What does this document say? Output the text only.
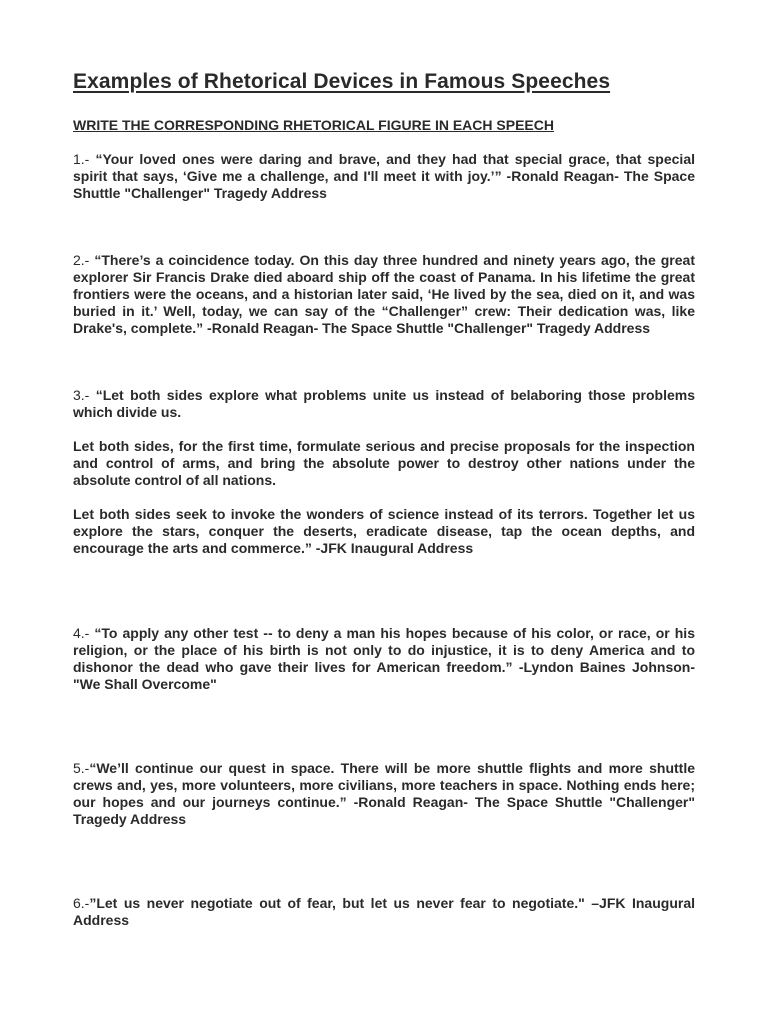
Examples of Rhetorical Devices in Famous Speeches
WRITE THE CORRESPONDING RHETORICAL FIGURE IN EACH SPEECH

1.- “Your loved ones were daring and brave, and they had that special grace, that special spirit that says, ‘Give me a challenge, and I'll meet it with joy.’” -Ronald Reagan- The Space Shuttle "Challenger" Tragedy Address

2.- “There’s a coincidence today. On this day three hundred and ninety years ago, the great explorer Sir Francis Drake died aboard ship off the coast of Panama. In his lifetime the great frontiers were the oceans, and a historian later said, ‘He lived by the sea, died on it, and was buried in it.’ Well, today, we can say of the “Challenger” crew: Their dedication was, like Drake's, complete.” -Ronald Reagan- The Space Shuttle "Challenger" Tragedy Address

3.- “Let both sides explore what problems unite us instead of belaboring those problems which divide us.

Let both sides, for the first time, formulate serious and precise proposals for the inspection and control of arms, and bring the absolute power to destroy other nations under the absolute control of all nations.

Let both sides seek to invoke the wonders of science instead of its terrors. Together let us explore the stars, conquer the deserts, eradicate disease, tap the ocean depths, and encourage the arts and commerce.” -JFK Inaugural Address

4.- “To apply any other test -- to deny a man his hopes because of his color, or race, or his religion, or the place of his birth is not only to do injustice, it is to deny America and to dishonor the dead who gave their lives for American freedom.” -Lyndon Baines Johnson- "We Shall Overcome"

5.-“We’ll continue our quest in space. There will be more shuttle flights and more shuttle crews and, yes, more volunteers, more civilians, more teachers in space. Nothing ends here; our hopes and our journeys continue.” -Ronald Reagan- The Space Shuttle "Challenger" Tragedy Address

6.-”Let us never negotiate out of fear, but let us never fear to negotiate." –JFK Inaugural Address
